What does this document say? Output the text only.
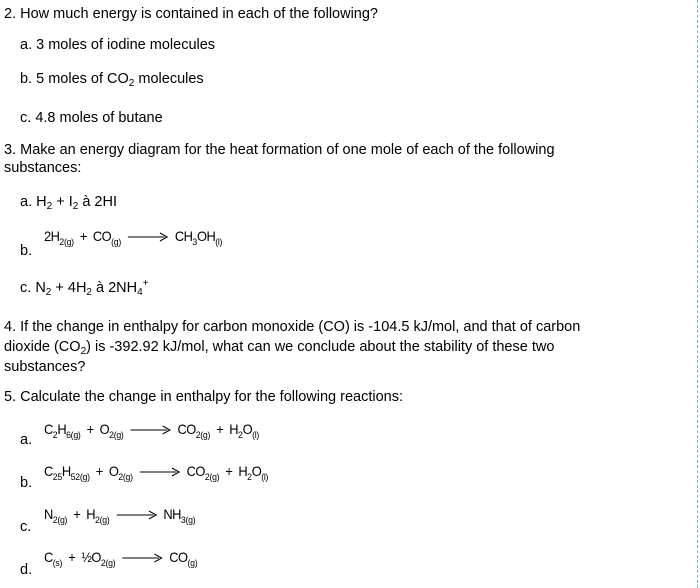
2. How much energy is contained in each of the following?
a. 3 moles of iodine molecules
b. 5 moles of $CO_2$ molecules
c. 4.8 moles of butane
3. Make an energy diagram for the heat formation of one mole of each of the following
substances:
a. $H_2 + I_2$ à 2HI
b.
$2H_{2(g)} + CO_{(g)} \to CH_3OH_{(l)}$
c. $N_2 + 4H_2$ à $2NH_4^+$
4. If the change in enthalpy for carbon monoxide (CO) is -104.5 kJ/mol, and that of carbon
dioxide $(CO_2)$ is -392.92 kJ/mol, what can we conclude about the stability of these two
substances?
5. Calculate the change in enthalpy for the following reactions:
a.
$C_2H_{6(g)} + O_{2(g)} \to CO_{2(g)} + H_2O_{(l)}$
b.
$C_{25}H_{52(g)} + O_{2(g)} \to CO_{2(g)} + H_2O_{(l)}$
c.
$N_{2(g)} + H_{2(g)} \to NH_{3(g)}$
d.
$C_{(s)}$ + $\frac{1}{2}O_{2(g)} \to CO_{(g)}$
